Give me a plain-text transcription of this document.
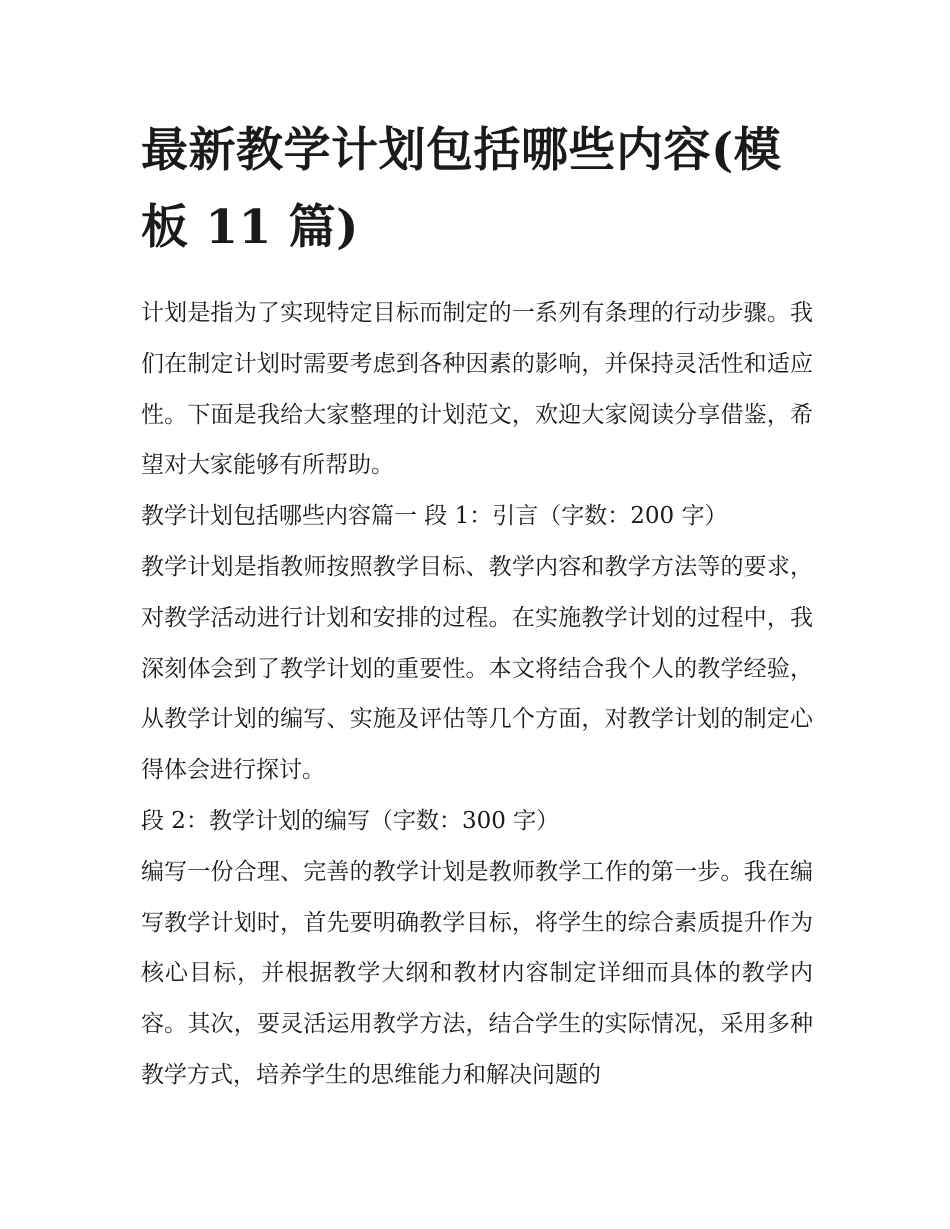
最新教学计划包括哪些内容(模板 11 篇)

计划是指为了实现特定目标而制定的一系列有条理的行动步骤。我们在制定计划时需要考虑到各种因素的影响，并保持灵活性和适应性。下面是我给大家整理的计划范文，欢迎大家阅读分享借鉴，希望对大家能够有所帮助。

教学计划包括哪些内容篇一 段 1：引言（字数：200 字）

教学计划是指教师按照教学目标、教学内容和教学方法等的要求，对教学活动进行计划和安排的过程。在实施教学计划的过程中，我深刻体会到了教学计划的重要性。本文将结合我个人的教学经验，从教学计划的编写、实施及评估等几个方面，对教学计划的制定心得体会进行探讨。

段 2：教学计划的编写（字数：300 字）

编写一份合理、完善的教学计划是教师教学工作的第一步。我在编写教学计划时，首先要明确教学目标，将学生的综合素质提升作为核心目标，并根据教学大纲和教材内容制定详细而具体的教学内容。其次，要灵活运用教学方法，结合学生的实际情况，采用多种教学方式，培养学生的思维能力和解决问题的
